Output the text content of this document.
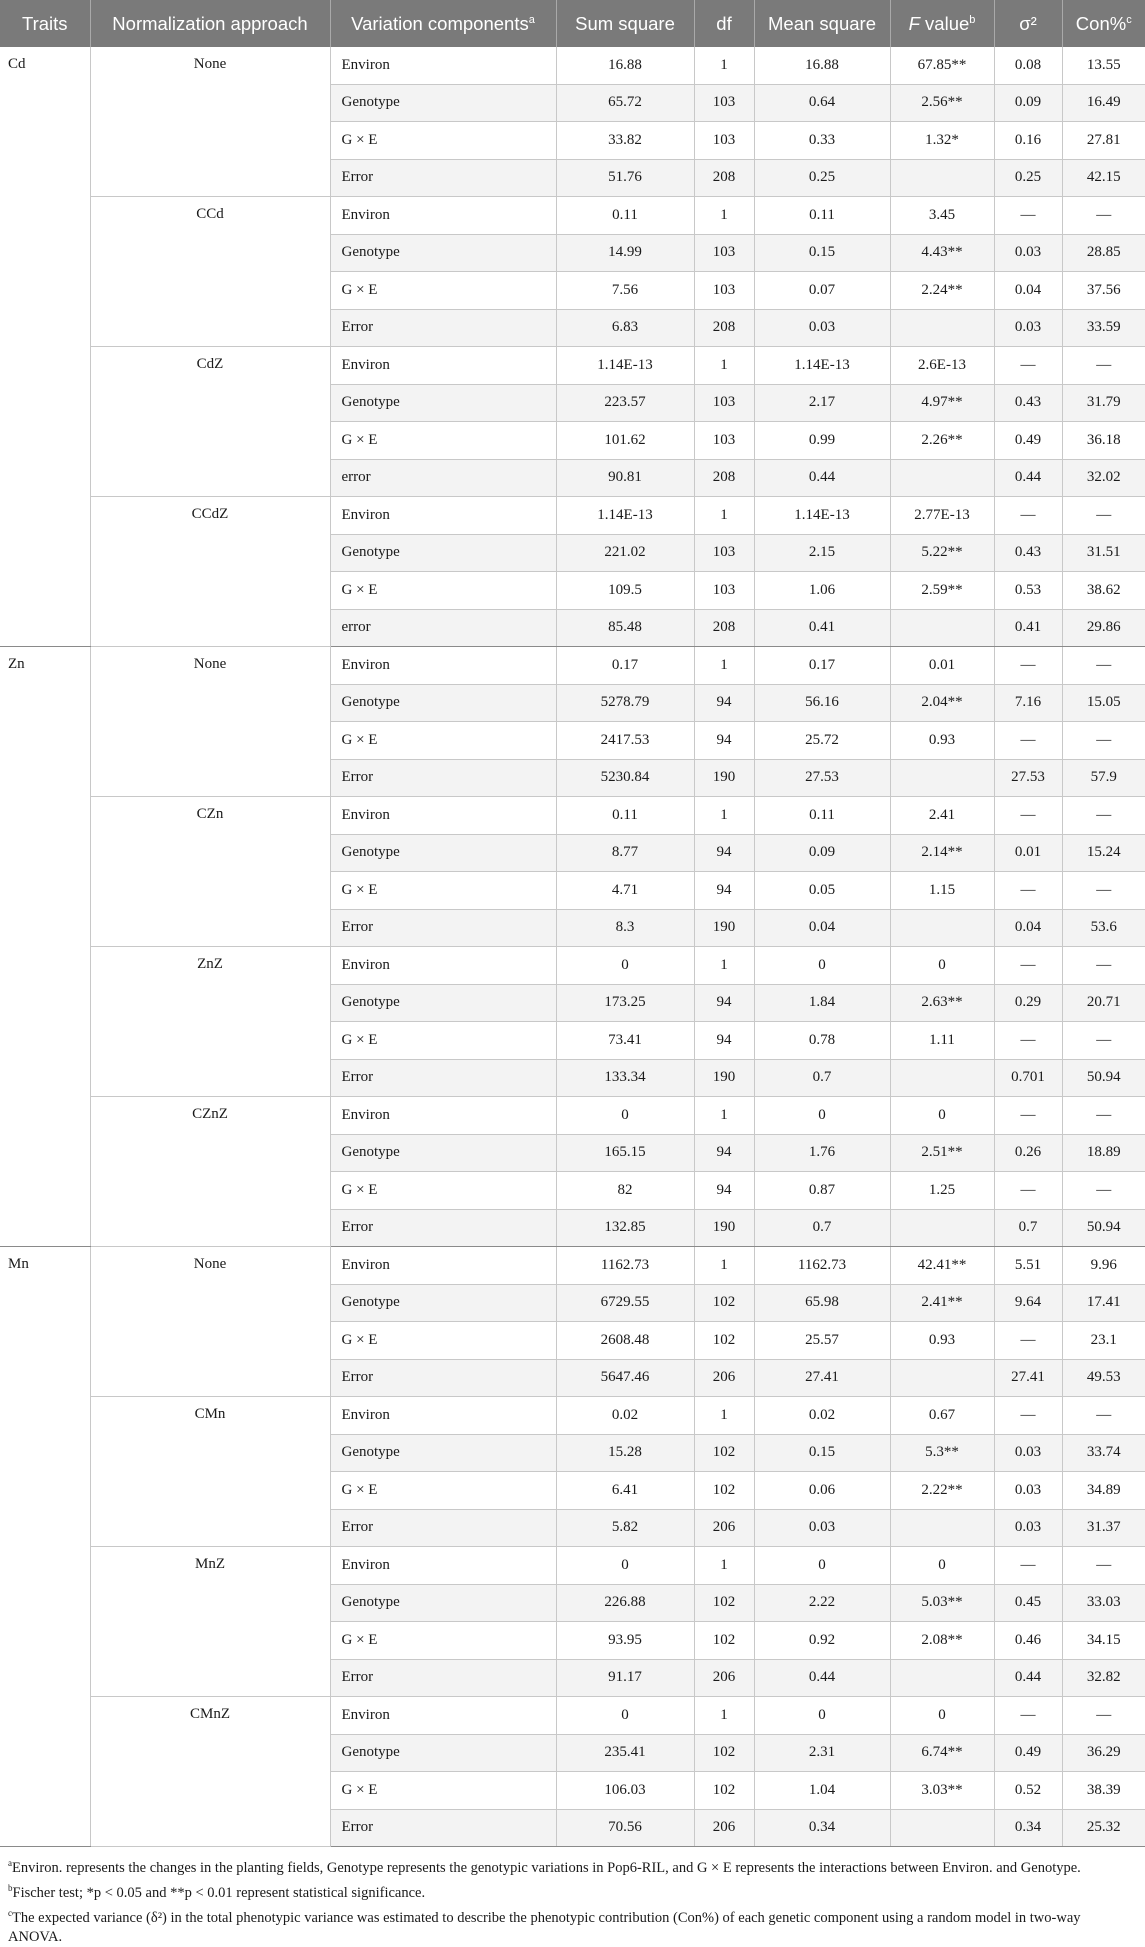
Traits	Normalization approach	Variation components$^a$	Sum square	df	Mean square	F value$^b$	σ²	Con%$^c$
Cd	None	Environ	16.88	1	16.88	67.85**	0.08	13.55
		Genotype	65.72	103	0.64	2.56**	0.09	16.49
		G × E	33.82	103	0.33	1.32*	0.16	27.81
		Error	51.76	208	0.25		0.25	42.15
	CCd	Environ	0.11	1	0.11	3.45	—	—
		Genotype	14.99	103	0.15	4.43**	0.03	28.85
		G × E	7.56	103	0.07	2.24**	0.04	37.56
		Error	6.83	208	0.03		0.03	33.59
	CdZ	Environ	1.14E-13	1	1.14E-13	2.6E-13	—	—
		Genotype	223.57	103	2.17	4.97**	0.43	31.79
		G × E	101.62	103	0.99	2.26**	0.49	36.18
		error	90.81	208	0.44		0.44	32.02
	CCdZ	Environ	1.14E-13	1	1.14E-13	2.77E-13	—	—
		Genotype	221.02	103	2.15	5.22**	0.43	31.51
		G × E	109.5	103	1.06	2.59**	0.53	38.62
		error	85.48	208	0.41		0.41	29.86
Zn	None	Environ	0.17	1	0.17	0.01	—	—
		Genotype	5278.79	94	56.16	2.04**	7.16	15.05
		G × E	2417.53	94	25.72	0.93	—	—
		Error	5230.84	190	27.53		27.53	57.9
	CZn	Environ	0.11	1	0.11	2.41	—	—
		Genotype	8.77	94	0.09	2.14**	0.01	15.24
		G × E	4.71	94	0.05	1.15	—	—
		Error	8.3	190	0.04		0.04	53.6
	ZnZ	Environ	0	1	0	0	—	—
		Genotype	173.25	94	1.84	2.63**	0.29	20.71
		G × E	73.41	94	0.78	1.11	—	—
		Error	133.34	190	0.7		0.701	50.94
	CZnZ	Environ	0	1	0	0	—	—
		Genotype	165.15	94	1.76	2.51**	0.26	18.89
		G × E	82	94	0.87	1.25	—	—
		Error	132.85	190	0.7		0.7	50.94
Mn	None	Environ	1162.73	1	1162.73	42.41**	5.51	9.96
		Genotype	6729.55	102	65.98	2.41**	9.64	17.41
		G × E	2608.48	102	25.57	0.93	—	23.1
		Error	5647.46	206	27.41		27.41	49.53
	CMn	Environ	0.02	1	0.02	0.67	—	—
		Genotype	15.28	102	0.15	5.3**	0.03	33.74
		G × E	6.41	102	0.06	2.22**	0.03	34.89
		Error	5.82	206	0.03		0.03	31.37
	MnZ	Environ	0	1	0	0	—	—
		Genotype	226.88	102	2.22	5.03**	0.45	33.03
		G × E	93.95	102	0.92	2.08**	0.46	34.15
		Error	91.17	206	0.44		0.44	32.82
	CMnZ	Environ	0	1	0	0	—	—
		Genotype	235.41	102	2.31	6.74**	0.49	36.29
		G × E	106.03	102	1.04	3.03**	0.52	38.39
		Error	70.56	206	0.34		0.34	25.32

$^a$Environ. represents the changes in the planting fields, Genotype represents the genotypic variations in Pop6-RIL, and G × E represents the interactions between Environ. and Genotype.

$^b$Fischer test; *p < 0.05 and **p < 0.01 represent statistical significance.

$^c$The expected variance (δ²) in the total phenotypic variance was estimated to describe the phenotypic contribution (Con%) of each genetic component using a random model in two-way ANOVA.
